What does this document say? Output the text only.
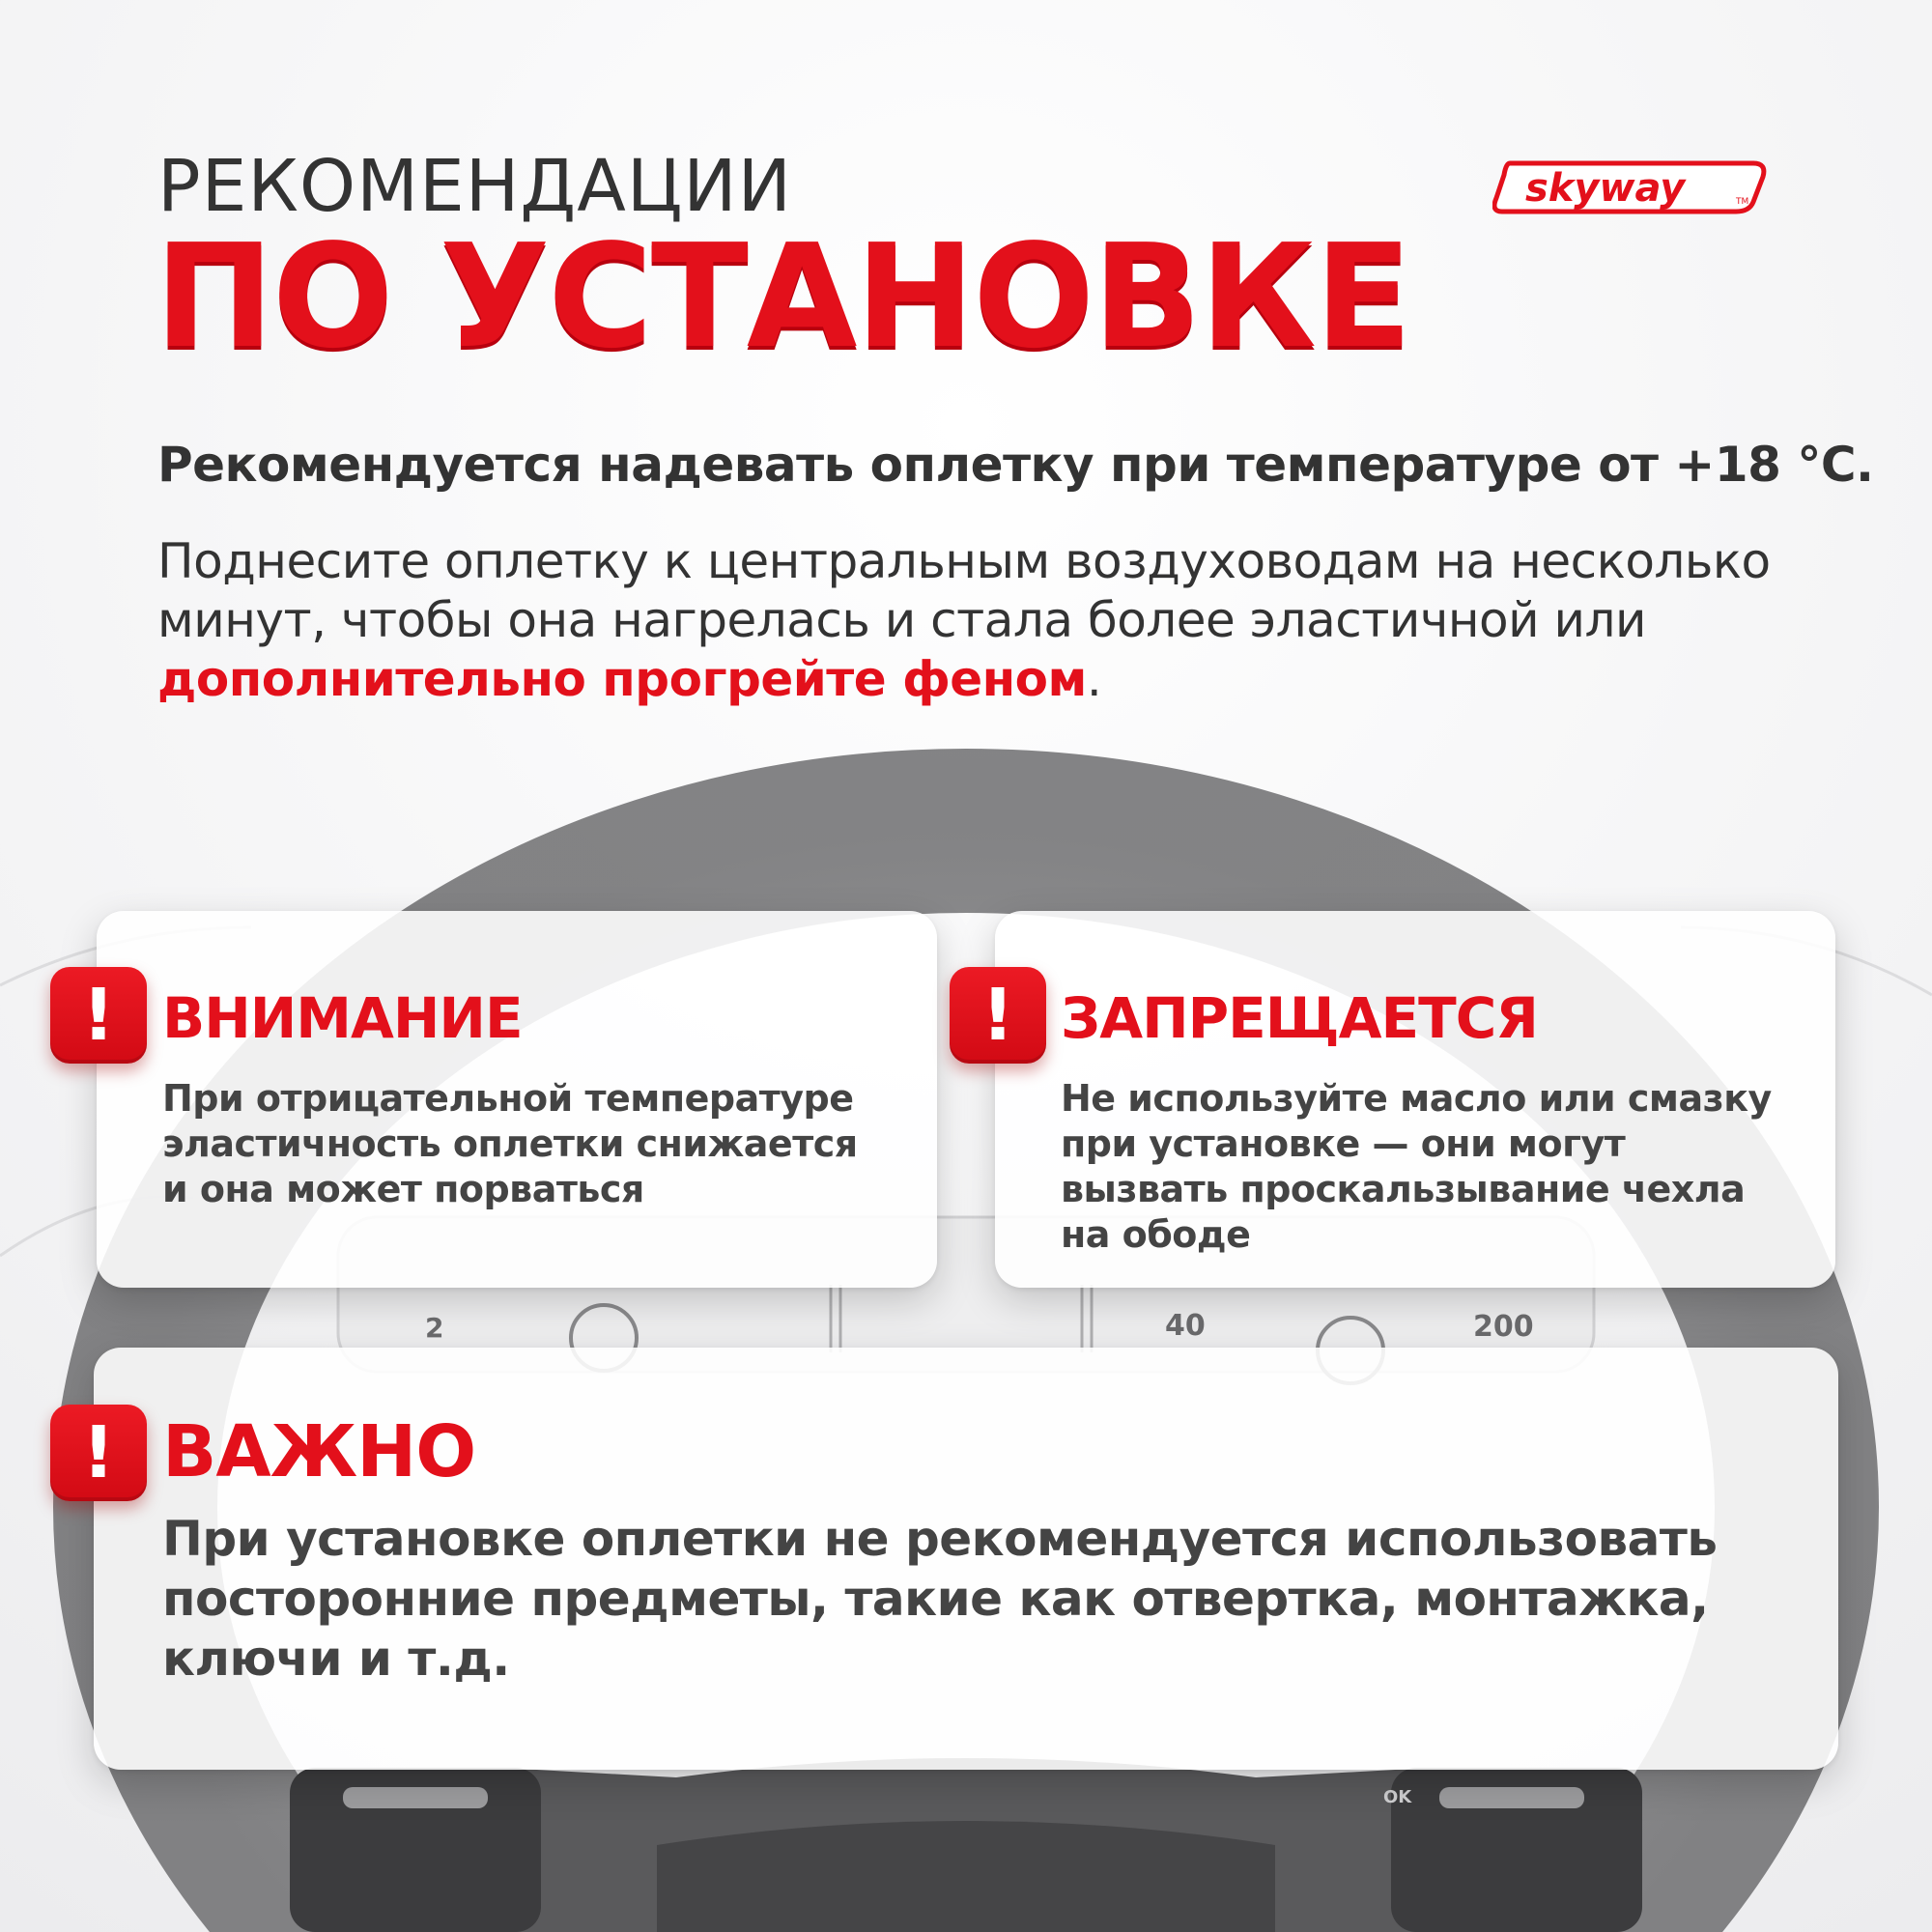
2	40	200
OK
РЕКОМЕНДАЦИИ
ПО УСТАНОВКЕ
skyway	TM
Рекомендуется надевать оплетку при температуре от +18 °С.
Поднесите оплетку к центральным воздуховодам на несколько минут, чтобы она нагрелась и стала более эластичной или дополнительно прогрейте феном.
! ВНИМАНИЕ
При отрицательной температуре эластичность оплетки снижается и она может порваться
! ЗАПРЕЩАЕТСЯ
Не используйте масло или смазку при установке — они могут вызвать проскальзывание чехла на ободе
! ВАЖНО
При установке оплетки не рекомендуется использовать посторонние предметы, такие как отвертка, монтажка, ключи и т.д.
